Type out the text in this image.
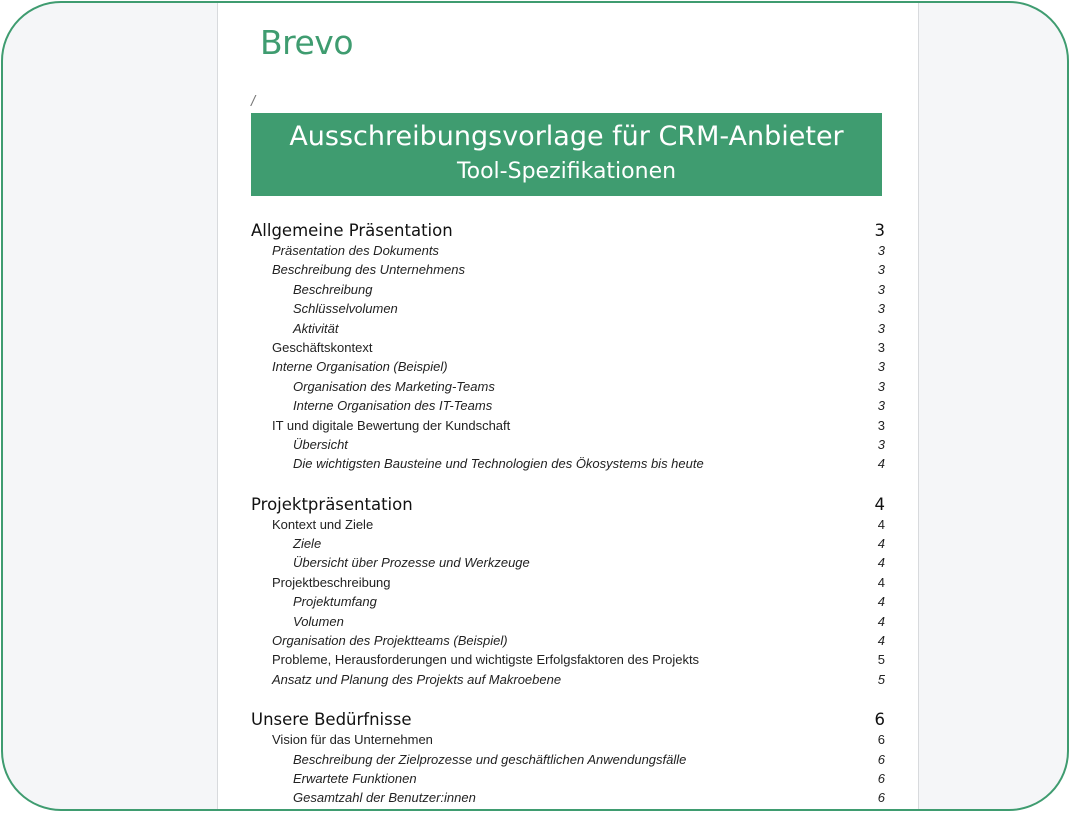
Brevo
/
Ausschreibungsvorlage für CRM-Anbieter
Tool-Spezifikationen
Allgemeine Präsentation	3
Präsentation des Dokuments	3
Beschreibung des Unternehmens	3
Beschreibung	3
Schlüsselvolumen	3
Aktivität	3
Geschäftskontext	3
Interne Organisation (Beispiel)	3
Organisation des Marketing-Teams	3
Interne Organisation des IT-Teams	3
IT und digitale Bewertung der Kundschaft	3
Übersicht	3
Die wichtigsten Bausteine und Technologien des Ökosystems bis heute	4
Projektpräsentation	4
Kontext und Ziele	4
Ziele	4
Übersicht über Prozesse und Werkzeuge	4
Projektbeschreibung	4
Projektumfang	4
Volumen	4
Organisation des Projektteams (Beispiel)	4
Probleme, Herausforderungen und wichtigste Erfolgsfaktoren des Projekts	5
Ansatz und Planung des Projekts auf Makroebene	5
Unsere Bedürfnisse	6
Vision für das Unternehmen	6
Beschreibung der Zielprozesse und geschäftlichen Anwendungsfälle	6
Erwartete Funktionen	6
Gesamtzahl der Benutzer:innen	6
